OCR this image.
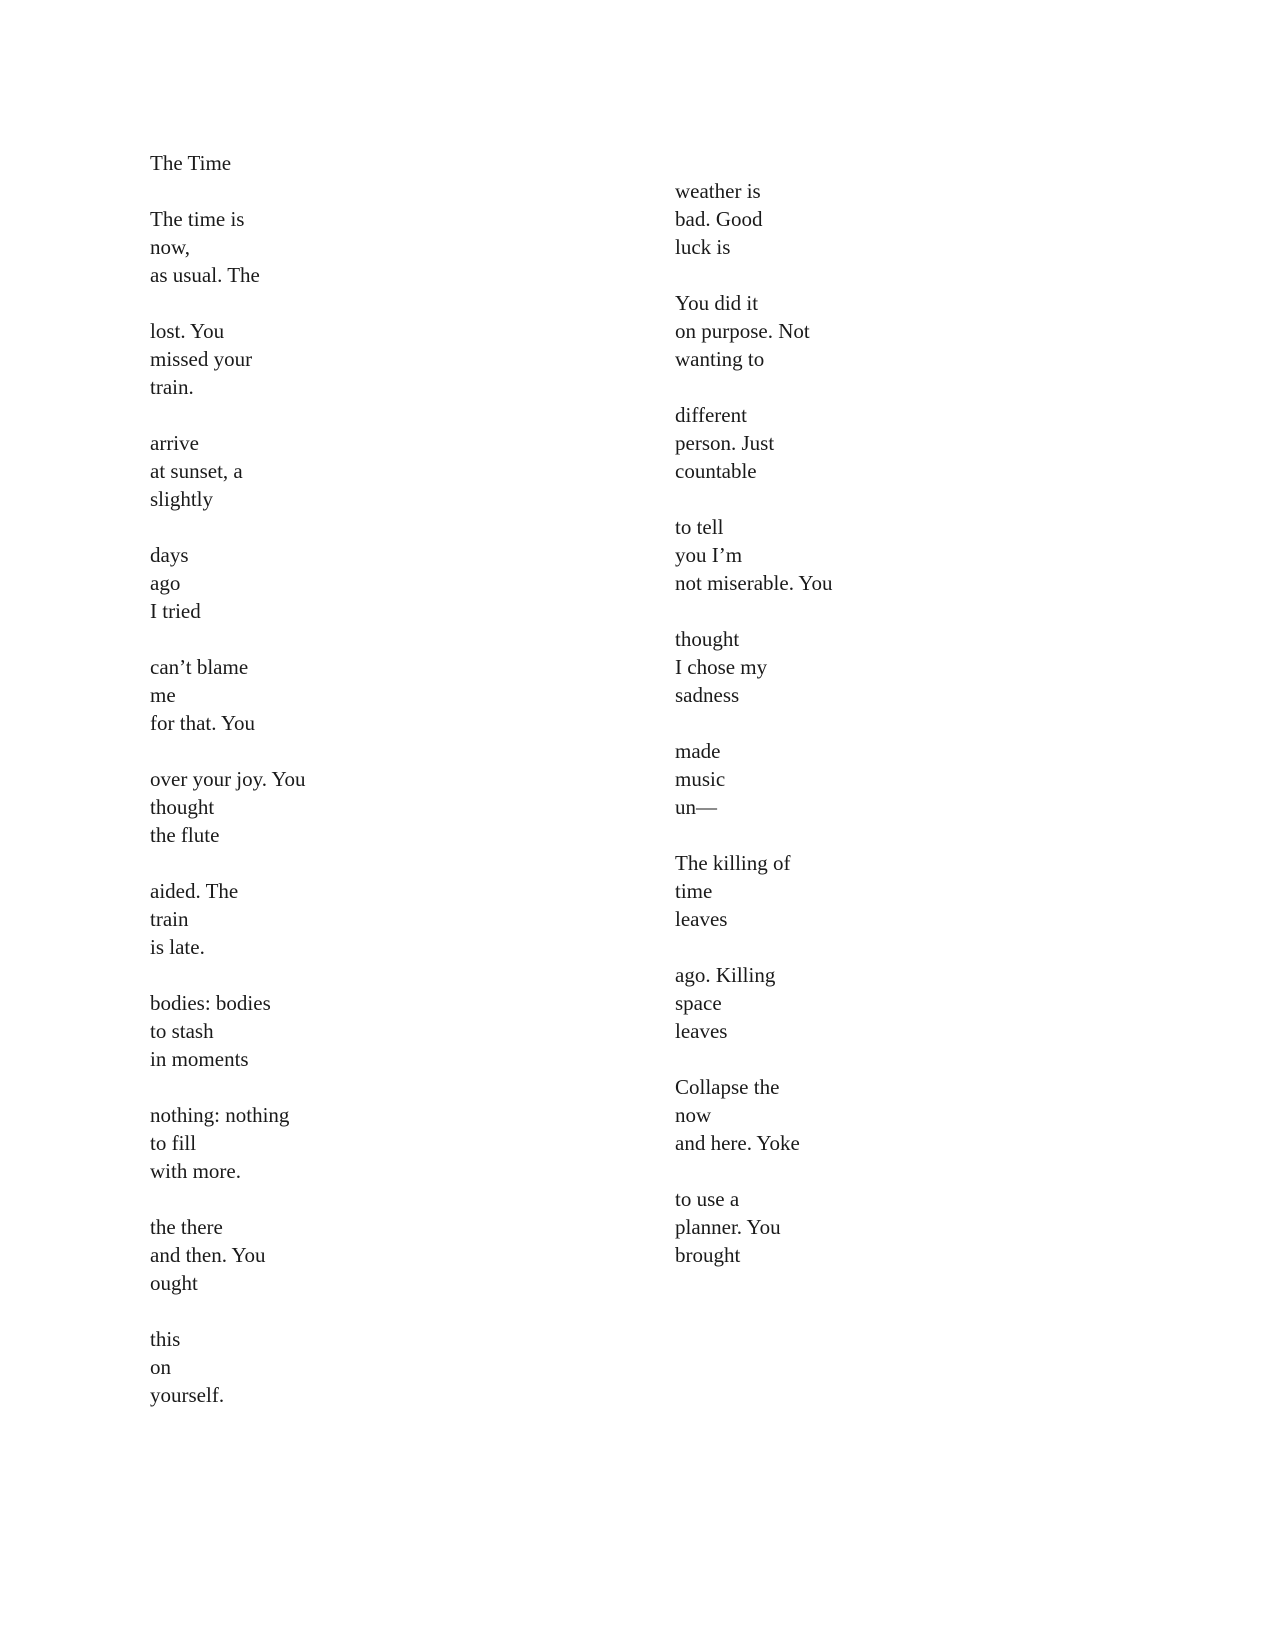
The Time
The time is
now,
as usual. The
lost. You
missed your
train.
arrive
at sunset, a
slightly
days
ago
I tried
can’t blame
me
for that. You
over your joy. You
thought
the flute
aided. The
train
is late.
bodies: bodies
to stash
in moments
nothing: nothing
to fill
with more.
the there
and then. You
ought
this
on
yourself.
weather is
bad. Good
luck is
You did it
on purpose. Not
wanting to
different
person. Just
countable
to tell
you I’m
not miserable. You
thought
I chose my
sadness
made
music
un—
The killing of
time
leaves
ago. Killing
space
leaves
Collapse the
now
and here. Yoke
to use a
planner. You
brought
